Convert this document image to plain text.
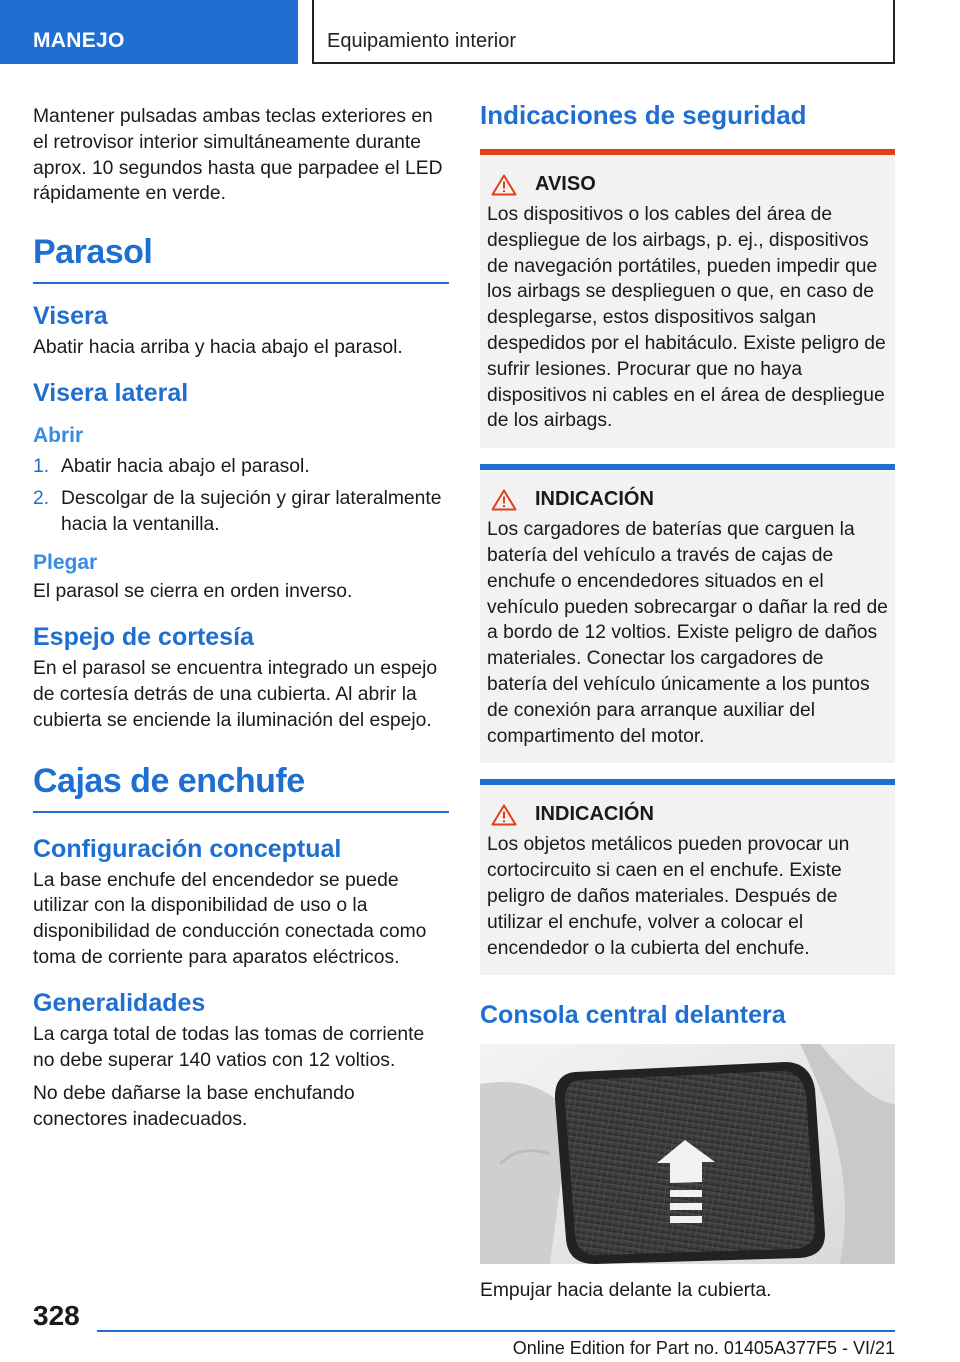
MANEJO	Equipamiento interior

Mantener pulsadas ambas teclas exteriores en el retrovisor interior simultáneamente durante aprox. 10 segundos hasta que parpadee el LED rápidamente en verde.

Parasol
Visera

Abatir hacia arriba y hacia abajo el parasol.

Visera lateral
Abrir
1. Abatir hacia abajo el parasol.
2. Descolgar de la sujeción y girar lateralmente hacia la ventanilla.
Plegar

El parasol se cierra en orden inverso.

Espejo de cortesía

En el parasol se encuentra integrado un espejo de cortesía detrás de una cubierta. Al abrir la cubierta se enciende la iluminación del espejo.

Cajas de enchufe
Configuración conceptual

La base enchufe del encendedor se puede utilizar con la disponibilidad de uso o la disponibilidad de conducción conectada como toma de corriente para aparatos eléctricos.

Generalidades

La carga total de todas las tomas de corriente no debe superar 140 vatios con 12 voltios.

No debe dañarse la base enchufando conectores inadecuados.

Indicaciones de seguridad
AVISO

Los dispositivos o los cables del área de despliegue de los airbags, p. ej., dispositivos de navegación portátiles, pueden impedir que los airbags se desplieguen o que, en caso de desplegarse, estos dispositivos salgan despedidos por el habitáculo. Existe peligro de sufrir lesiones. Procurar que no haya dispositivos ni cables en el área de despliegue de los airbags.

INDICACIÓN

Los cargadores de baterías que carguen la batería del vehículo a través de cajas de enchufe o encendedores situados en el vehículo pueden sobrecargar o dañar la red de a bordo de 12 voltios. Existe peligro de daños materiales. Conectar los cargadores de batería del vehículo únicamente a los puntos de conexión para arranque auxiliar del compartimento del motor.

INDICACIÓN

Los objetos metálicos pueden provocar un cortocircuito si caen en el enchufe. Existe peligro de daños materiales. Después de utilizar el enchufe, volver a colocar el encendedor o la cubierta del enchufe.

Consola central delantera

Empujar hacia delante la cubierta.

328
Online Edition for Part no. 01405A377F5 - VI/21
